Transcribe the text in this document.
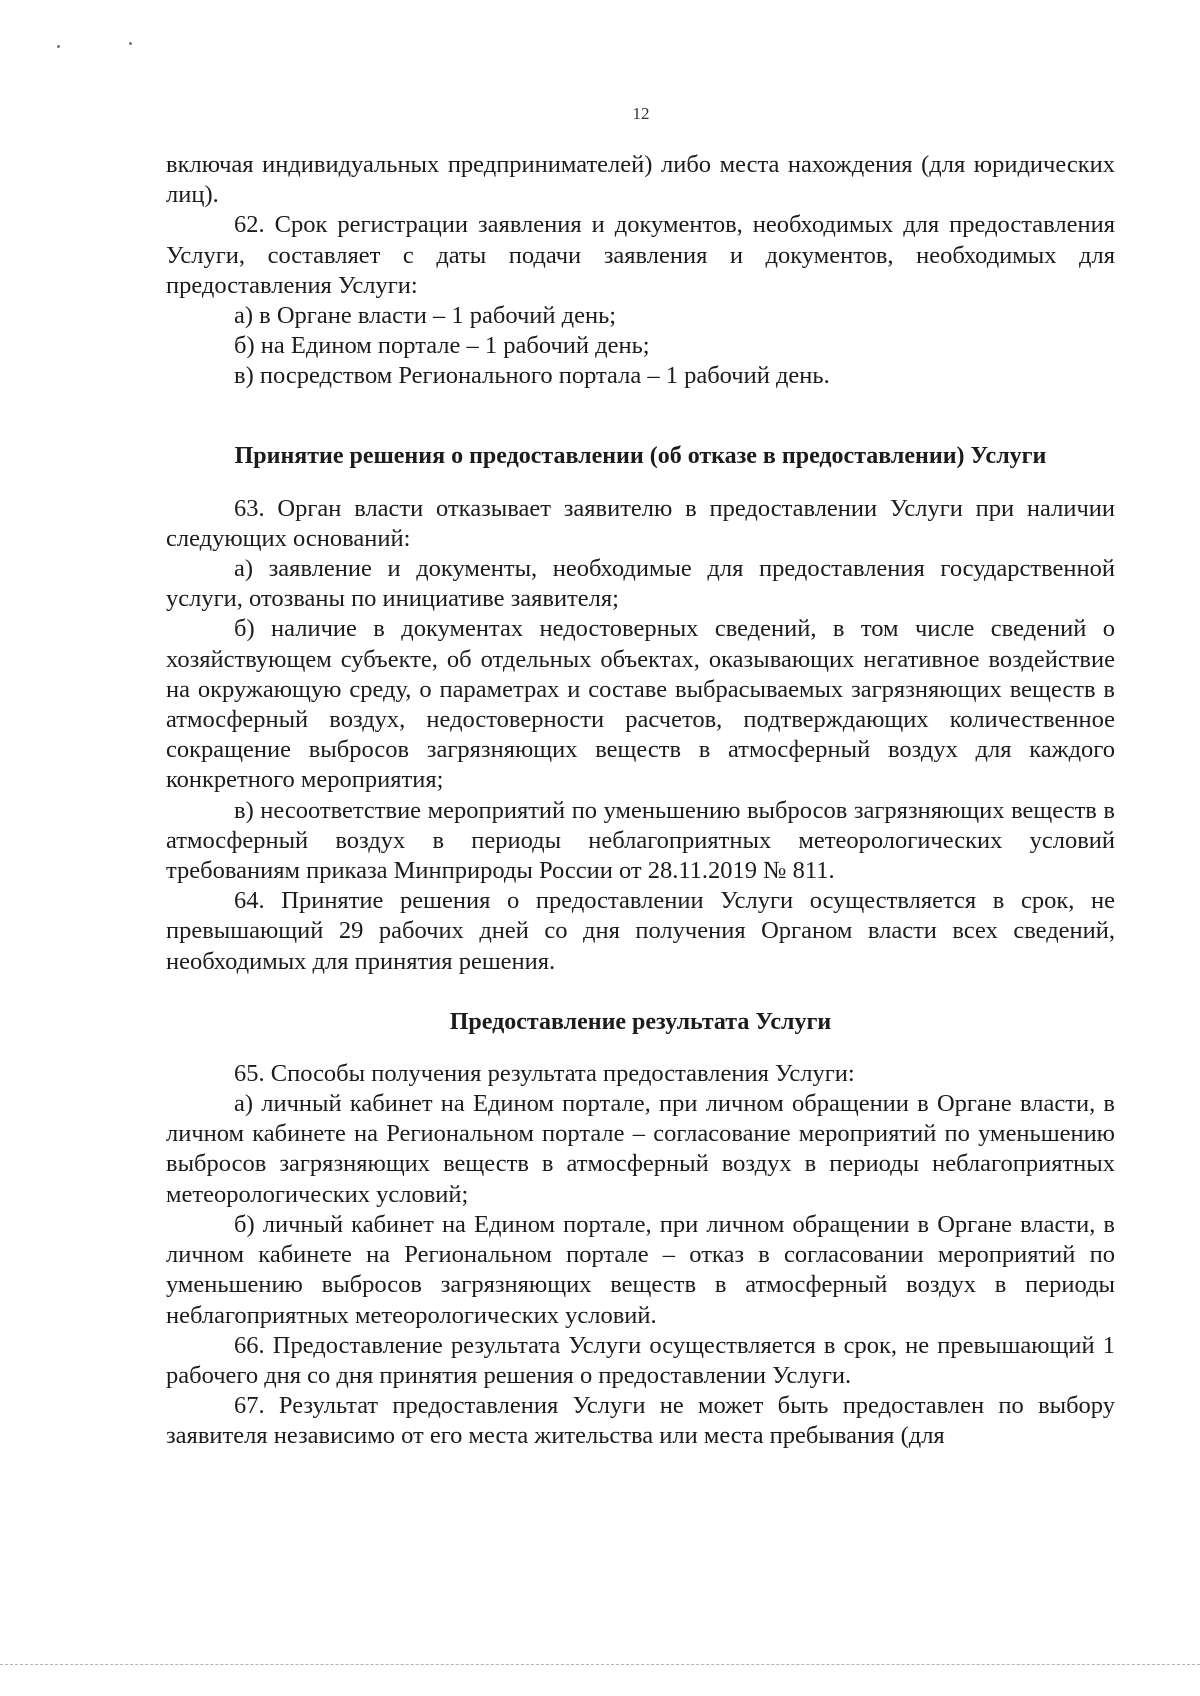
12

включая индивидуальных предпринимателей) либо места нахождения (для юридических лиц).

62. Срок регистрации заявления и документов, необходимых для предоставления Услуги, составляет с даты подачи заявления и документов, необходимых для предоставления Услуги:

а) в Органе власти – 1 рабочий день;

б) на Едином портале – 1 рабочий день;

в) посредством Регионального портала – 1 рабочий день.

Принятие решения о предоставлении (об отказе в предоставлении) Услуги

63. Орган власти отказывает заявителю в предоставлении Услуги при наличии следующих оснований:

а) заявление и документы, необходимые для предоставления государственной услуги, отозваны по инициативе заявителя;

б) наличие в документах недостоверных сведений, в том числе сведений о хозяйствующем субъекте, об отдельных объектах, оказывающих негативное воздействие на окружающую среду, о параметрах и составе выбрасываемых загрязняющих веществ в атмосферный воздух, недостоверности расчетов, подтверждающих количественное сокращение выбросов загрязняющих веществ в атмосферный воздух для каждого конкретного мероприятия;

в) несоответствие мероприятий по уменьшению выбросов загрязняющих веществ в атмосферный воздух в периоды неблагоприятных метеорологических условий требованиям приказа Минприроды России от 28.11.2019 № 811.

64. Принятие решения о предоставлении Услуги осуществляется в срок, не превышающий 29 рабочих дней со дня получения Органом власти всех сведений, необходимых для принятия решения.

Предоставление результата Услуги

65. Способы получения результата предоставления Услуги:

а) личный кабинет на Едином портале, при личном обращении в Органе власти, в личном кабинете на Региональном портале – согласование мероприятий по уменьшению выбросов загрязняющих веществ в атмосферный воздух в периоды неблагоприятных метеорологических условий;

б) личный кабинет на Едином портале, при личном обращении в Органе власти, в личном кабинете на Региональном портале – отказ в согласовании мероприятий по уменьшению выбросов загрязняющих веществ в атмосферный воздух в периоды неблагоприятных метеорологических условий.

66. Предоставление результата Услуги осуществляется в срок, не превышающий 1 рабочего дня со дня принятия решения о предоставлении Услуги.

67. Результат предоставления Услуги не может быть предоставлен по выбору заявителя независимо от его места жительства или места пребывания (для
